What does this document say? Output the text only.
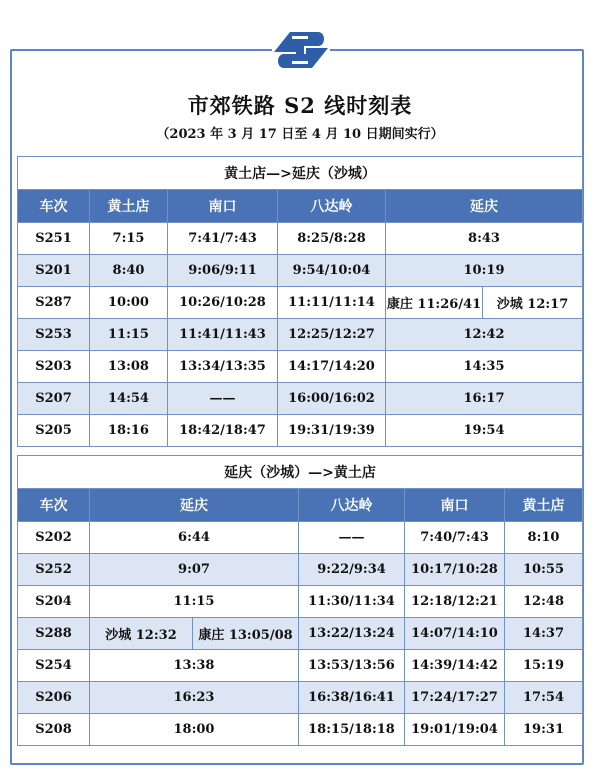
市郊铁路 S2 线时刻表
（2023 年 3 月 17 日至 4 月 10 日期间实行）
黄土店—>延庆（沙城）					
车次	黄土店	南口	八达岭	延庆	
S251	7:15	7:41/7:43	8:25/8:28	8:43	
S201	8:40	9:06/9:11	9:54/10:04	10:19	
S287	10:00	10:26/10:28	11:11/11:14	康庄 11:26/41	沙城 12:17
S253	11:15	11:41/11:43	12:25/12:27	12:42	
S203	13:08	13:34/13:35	14:17/14:20	14:35	
S207	14:54	——	16:00/16:02	16:17	
S205	18:16	18:42/18:47	19:31/19:39	19:54	
延庆（沙城）—>黄土店					
车次	延庆		八达岭	南口	黄土店
S202	6:44		——	7:40/7:43	8:10
S252	9:07		9:22/9:34	10:17/10:28	10:55
S204	11:15		11:30/11:34	12:18/12:21	12:48
S288	沙城 12:32	康庄 13:05/08	13:22/13:24	14:07/14:10	14:37
S254	13:38		13:53/13:56	14:39/14:42	15:19
S206	16:23		16:38/16:41	17:24/17:27	17:54
S208	18:00		18:15/18:18	19:01/19:04	19:31
